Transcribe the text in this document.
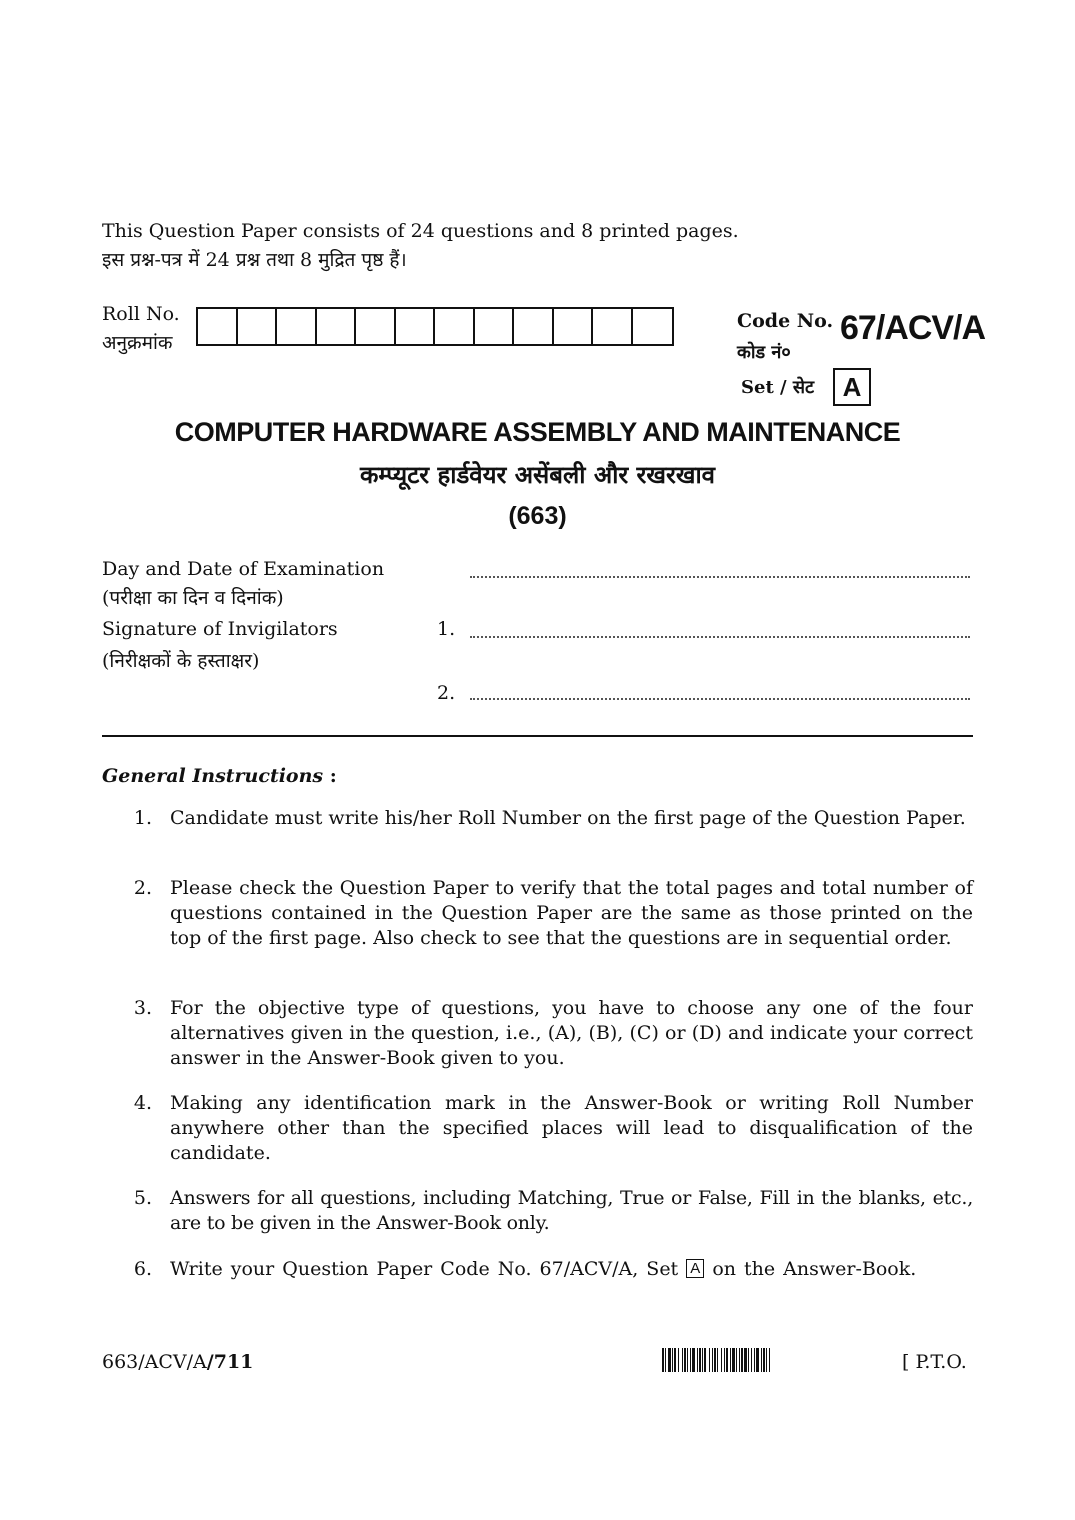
This Question Paper consists of 24 questions and 8 printed pages.
इस प्रश्न-पत्र में 24 प्रश्न तथा 8 मुद्रित पृष्ठ हैं।
Roll No.
अनुक्रमांक
Code No.
कोड नं०
67/ACV/A
Set / सेट	A
COMPUTER HARDWARE ASSEMBLY AND MAINTENANCE
कम्प्यूटर हार्डवेयर असेंबली और रखरखाव
(663)
Day and Date of Examination
(परीक्षा का दिन व दिनांक)
Signature of Invigilators
(निरीक्षकों के हस्ताक्षर)
1.
2.
General Instructions :
1. Candidate must write his/her Roll Number on the first page of the Question Paper.
2. Please check the Question Paper to verify that the total pages and total number of questions contained in the Question Paper are the same as those printed on the top of the first page. Also check to see that the questions are in sequential order.
3. For the objective type of questions, you have to choose any one of the four alternatives given in the question, i.e., (A), (B), (C) or (D) and indicate your correct answer in the Answer-Book given to you.
4. Making any identification mark in the Answer-Book or writing Roll Number anywhere other than the specified places will lead to disqualification of the candidate.
5. Answers for all questions, including Matching, True or False, Fill in the blanks, etc., are to be given in the Answer-Book only.
6. Write your Question Paper Code No. 67/ACV/A, Set A on the Answer-Book.
663/ACV/A/711	[ P.T.O.
